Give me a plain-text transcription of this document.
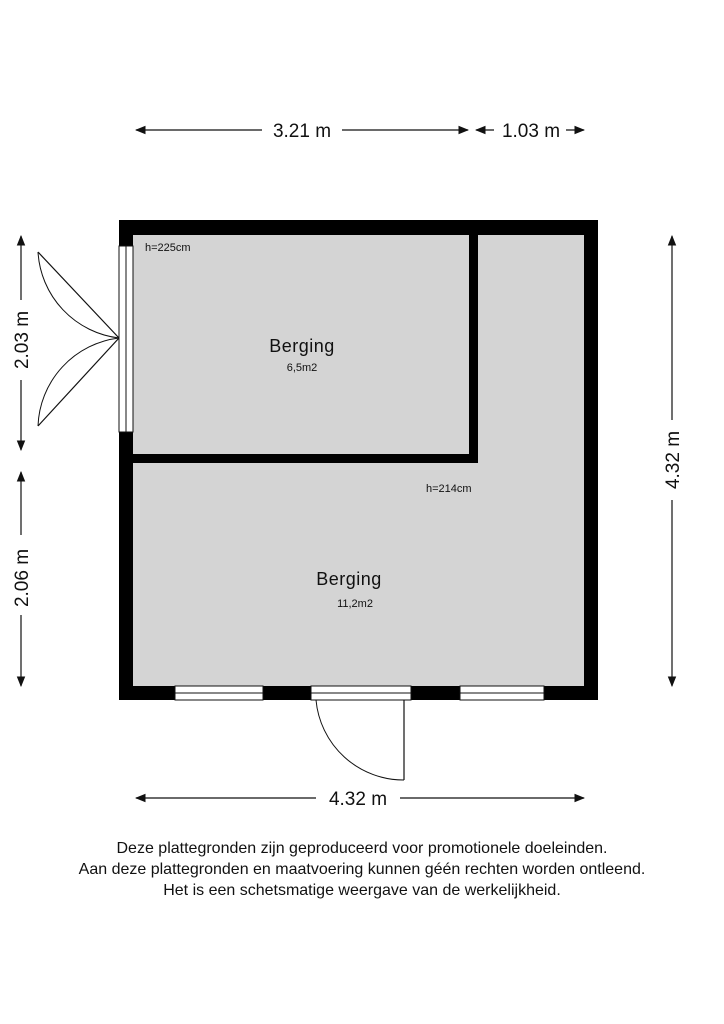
Berging
6,5m2
h=225cm
Berging
11,2m2
h=214cm
3.21 m	1.03 m
2.03 m
2.06 m
4.32 m
4.32 m
Deze plattegronden zijn geproduceerd voor promotionele doeleinden.
Aan deze plattegronden en maatvoering kunnen géén rechten worden ontleend.
Het is een schetsmatige weergave van de werkelijkheid.
